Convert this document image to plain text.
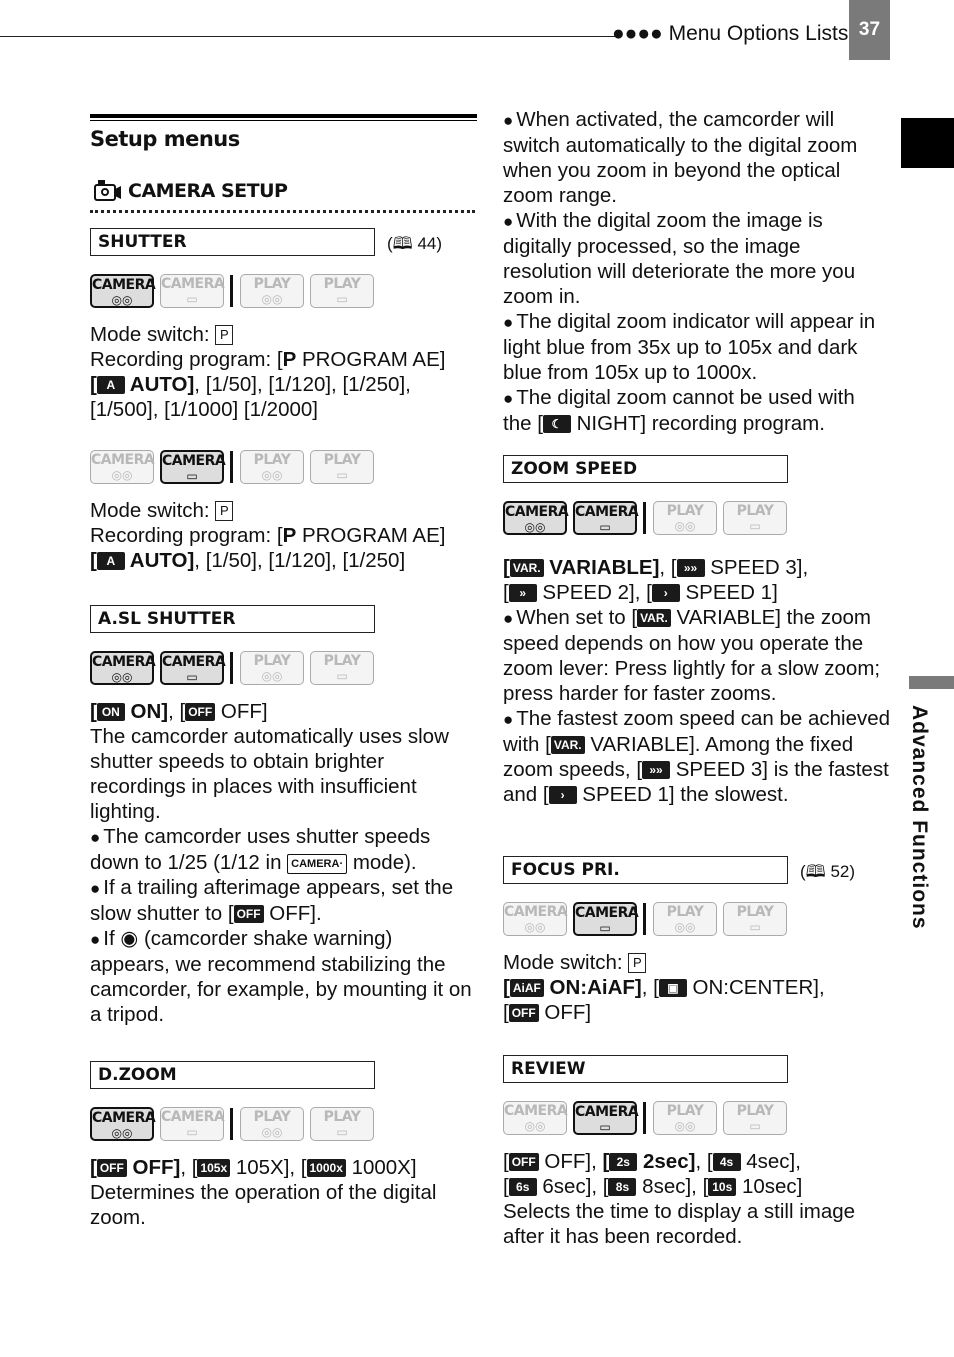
●●●● Menu Options Lists 37
Advanced Functions
Setup menus
CAMERA SETUP
SHUTTER	(🕮 44)
CAMERA
◎◎
CAMERA
▭
PLAY
◎◎
PLAY
▭
Mode switch: P
Recording program: [P PROGRAM AE]
[ A AUTO], [1/50], [1/120], [1/250], [1/500], [1/1000] [1/2000]
CAMERA
◎◎
CAMERA
▭
PLAY
◎◎
PLAY
▭
Mode switch: P
Recording program: [P PROGRAM AE]
[ A AUTO], [1/50], [1/120], [1/250]
A.SL SHUTTER
CAMERA
◎◎
CAMERA
▭
PLAY
◎◎
PLAY
▭
[ ON ON], [ OFF OFF]
The camcorder automatically uses slow shutter speeds to obtain brighter recordings in places with insufficient lighting.
● The camcorder uses shutter speeds down to 1/25 (1/12 in CAMERA· mode).
● If a trailing afterimage appears, set the slow shutter to [ OFF OFF].
● If ◉ (camcorder shake warning) appears, we recommend stabilizing the camcorder, for example, by mounting it on a tripod.
D.ZOOM
CAMERA
◎◎
CAMERA
▭
PLAY
◎◎
PLAY
▭
[ OFF OFF], [ 105x 105X], [ 1000x 1000X]
Determines the operation of the digital zoom.
● When activated, the camcorder will switch automatically to the digital zoom when you zoom in beyond the optical zoom range.
● With the digital zoom the image is digitally processed, so the image resolution will deteriorate the more you zoom in.
● The digital zoom indicator will appear in light blue from 35x up to 105x and dark blue from 105x up to 1000x.
● The digital zoom cannot be used with the [ ☾ NIGHT] recording program.
ZOOM SPEED
CAMERA
◎◎
CAMERA
▭
PLAY
◎◎
PLAY
▭
[ VAR. VARIABLE], [ »» SPEED 3],
[ » SPEED 2], [ › SPEED 1]
● When set to [ VAR. VARIABLE] the zoom speed depends on how you operate the zoom lever: Press lightly for a slow zoom; press harder for faster zooms.
● The fastest zoom speed can be achieved with [ VAR. VARIABLE]. Among the fixed zoom speeds, [ »» SPEED 3] is the fastest and [ › SPEED 1] the slowest.
FOCUS PRI.	(🕮 52)
CAMERA
◎◎
CAMERA
▭
PLAY
◎◎
PLAY
▭
Mode switch: P
[ AiAF ON:AiAF], [ ▣ ON:CENTER],
[ OFF OFF]
REVIEW
CAMERA
◎◎
CAMERA
▭
PLAY
◎◎
PLAY
▭
[ OFF OFF], [ 2s 2sec], [ 4s 4sec],
[ 6s 6sec], [ 8s 8sec], [ 10s 10sec]
Selects the time to display a still image after it has been recorded.
